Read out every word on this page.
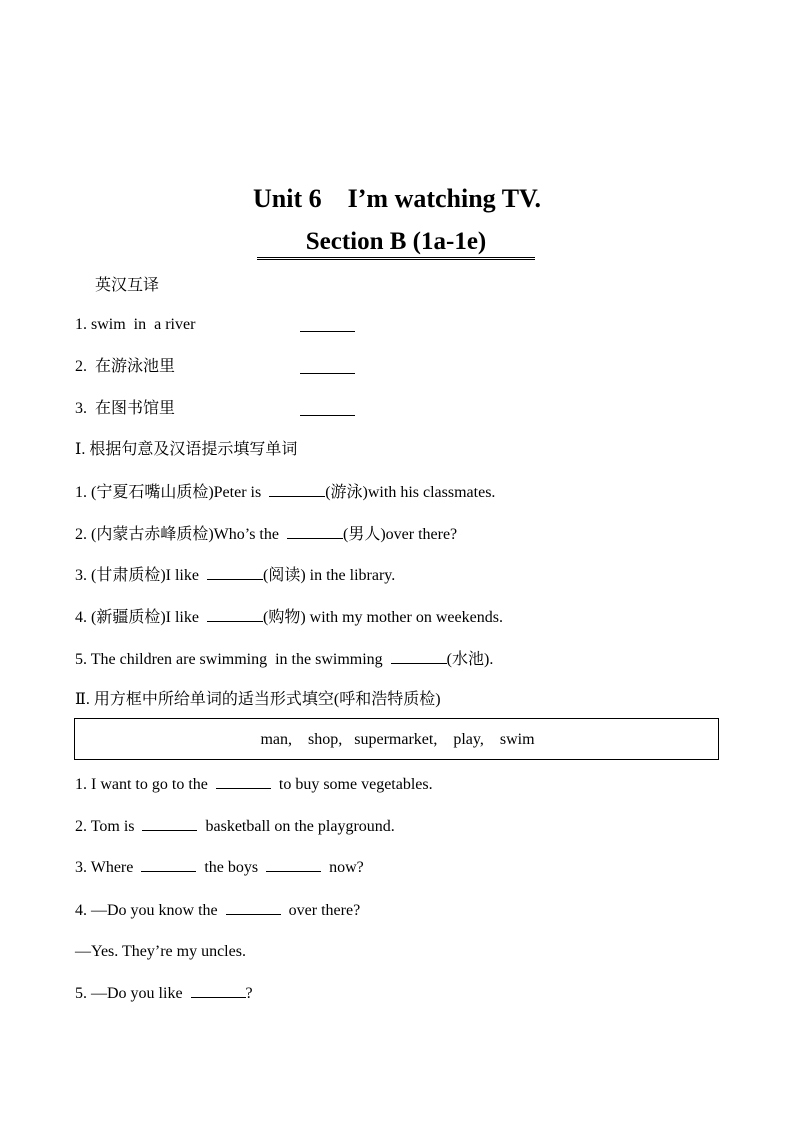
Unit 6    I’m watching TV.
Section B (1a-1e)
英汉互译
1. swim  in  a river
2.  在游泳池里
3.  在图书馆里
Ⅰ. 根据句意及汉语提示填写单词
1. (宁夏石嘴山质检)Peter is	(游泳)with his classmates.
2. (内蒙古赤峰质检)Who’s the	(男人)over there?
3. (甘肃质检)I like	(阅读) in the library.
4. (新疆质检)I like	(购物) with my mother on weekends.
5. The children are swimming  in the swimming	(水池).
Ⅱ. 用方框中所给单词的适当形式填空(呼和浩特质检)
man,    shop,   supermarket,    play,    swim
1. I want to go to the	to buy some vegetables.
2. Tom is	basketball on the playground.
3. Where	the boys	now?
4. —Do you know the	over there?
—Yes. They’re my uncles.
5. —Do you like	?
